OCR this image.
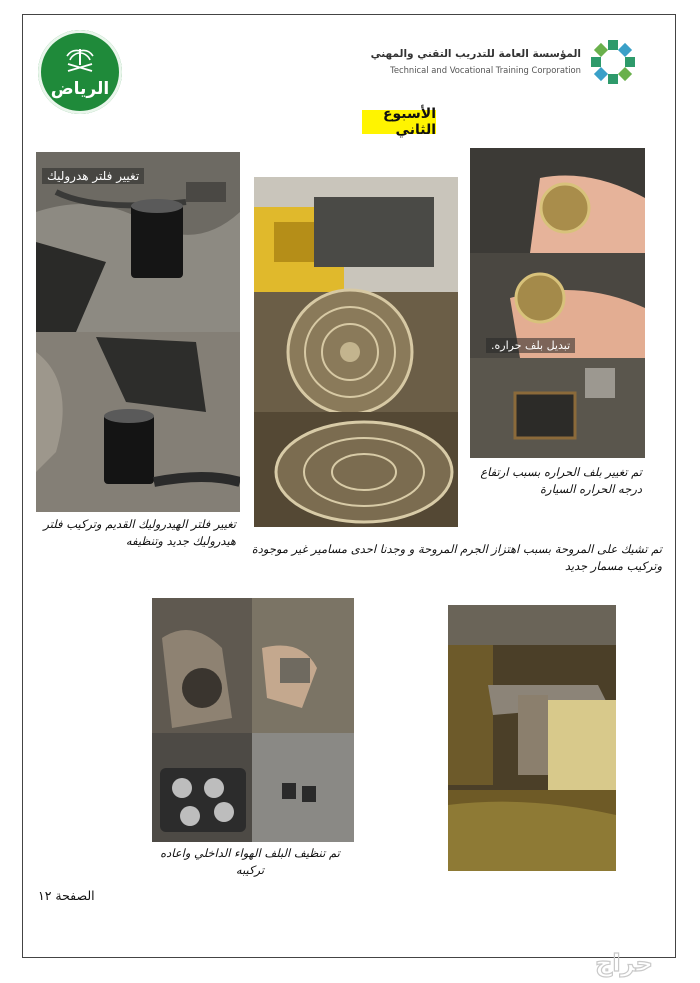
الرياض
المؤسسة العامة للتدريب التقني والمهني
Technical and Vocational Training Corporation
الأسبوع الثاني
تغيير فلتر هدروليك
تغيير فلتر الهيدروليك القديم وتركيب فلتر هيدروليك جديد وتنظيفه
تبديل بلف حراره.
تم تغيير بلف الحراره بسبب ارتفاع درجه الحراره السيارة
تم تشيك على المروحة بسبب اهتزاز الجرم المروحة و وجدنا احدى مسامير غير موجودة وتركيب مسمار جديد
تم تنظيف البلف الهواء الداخلي واعاده تركيبه
الصفحة ١٢
حراج
